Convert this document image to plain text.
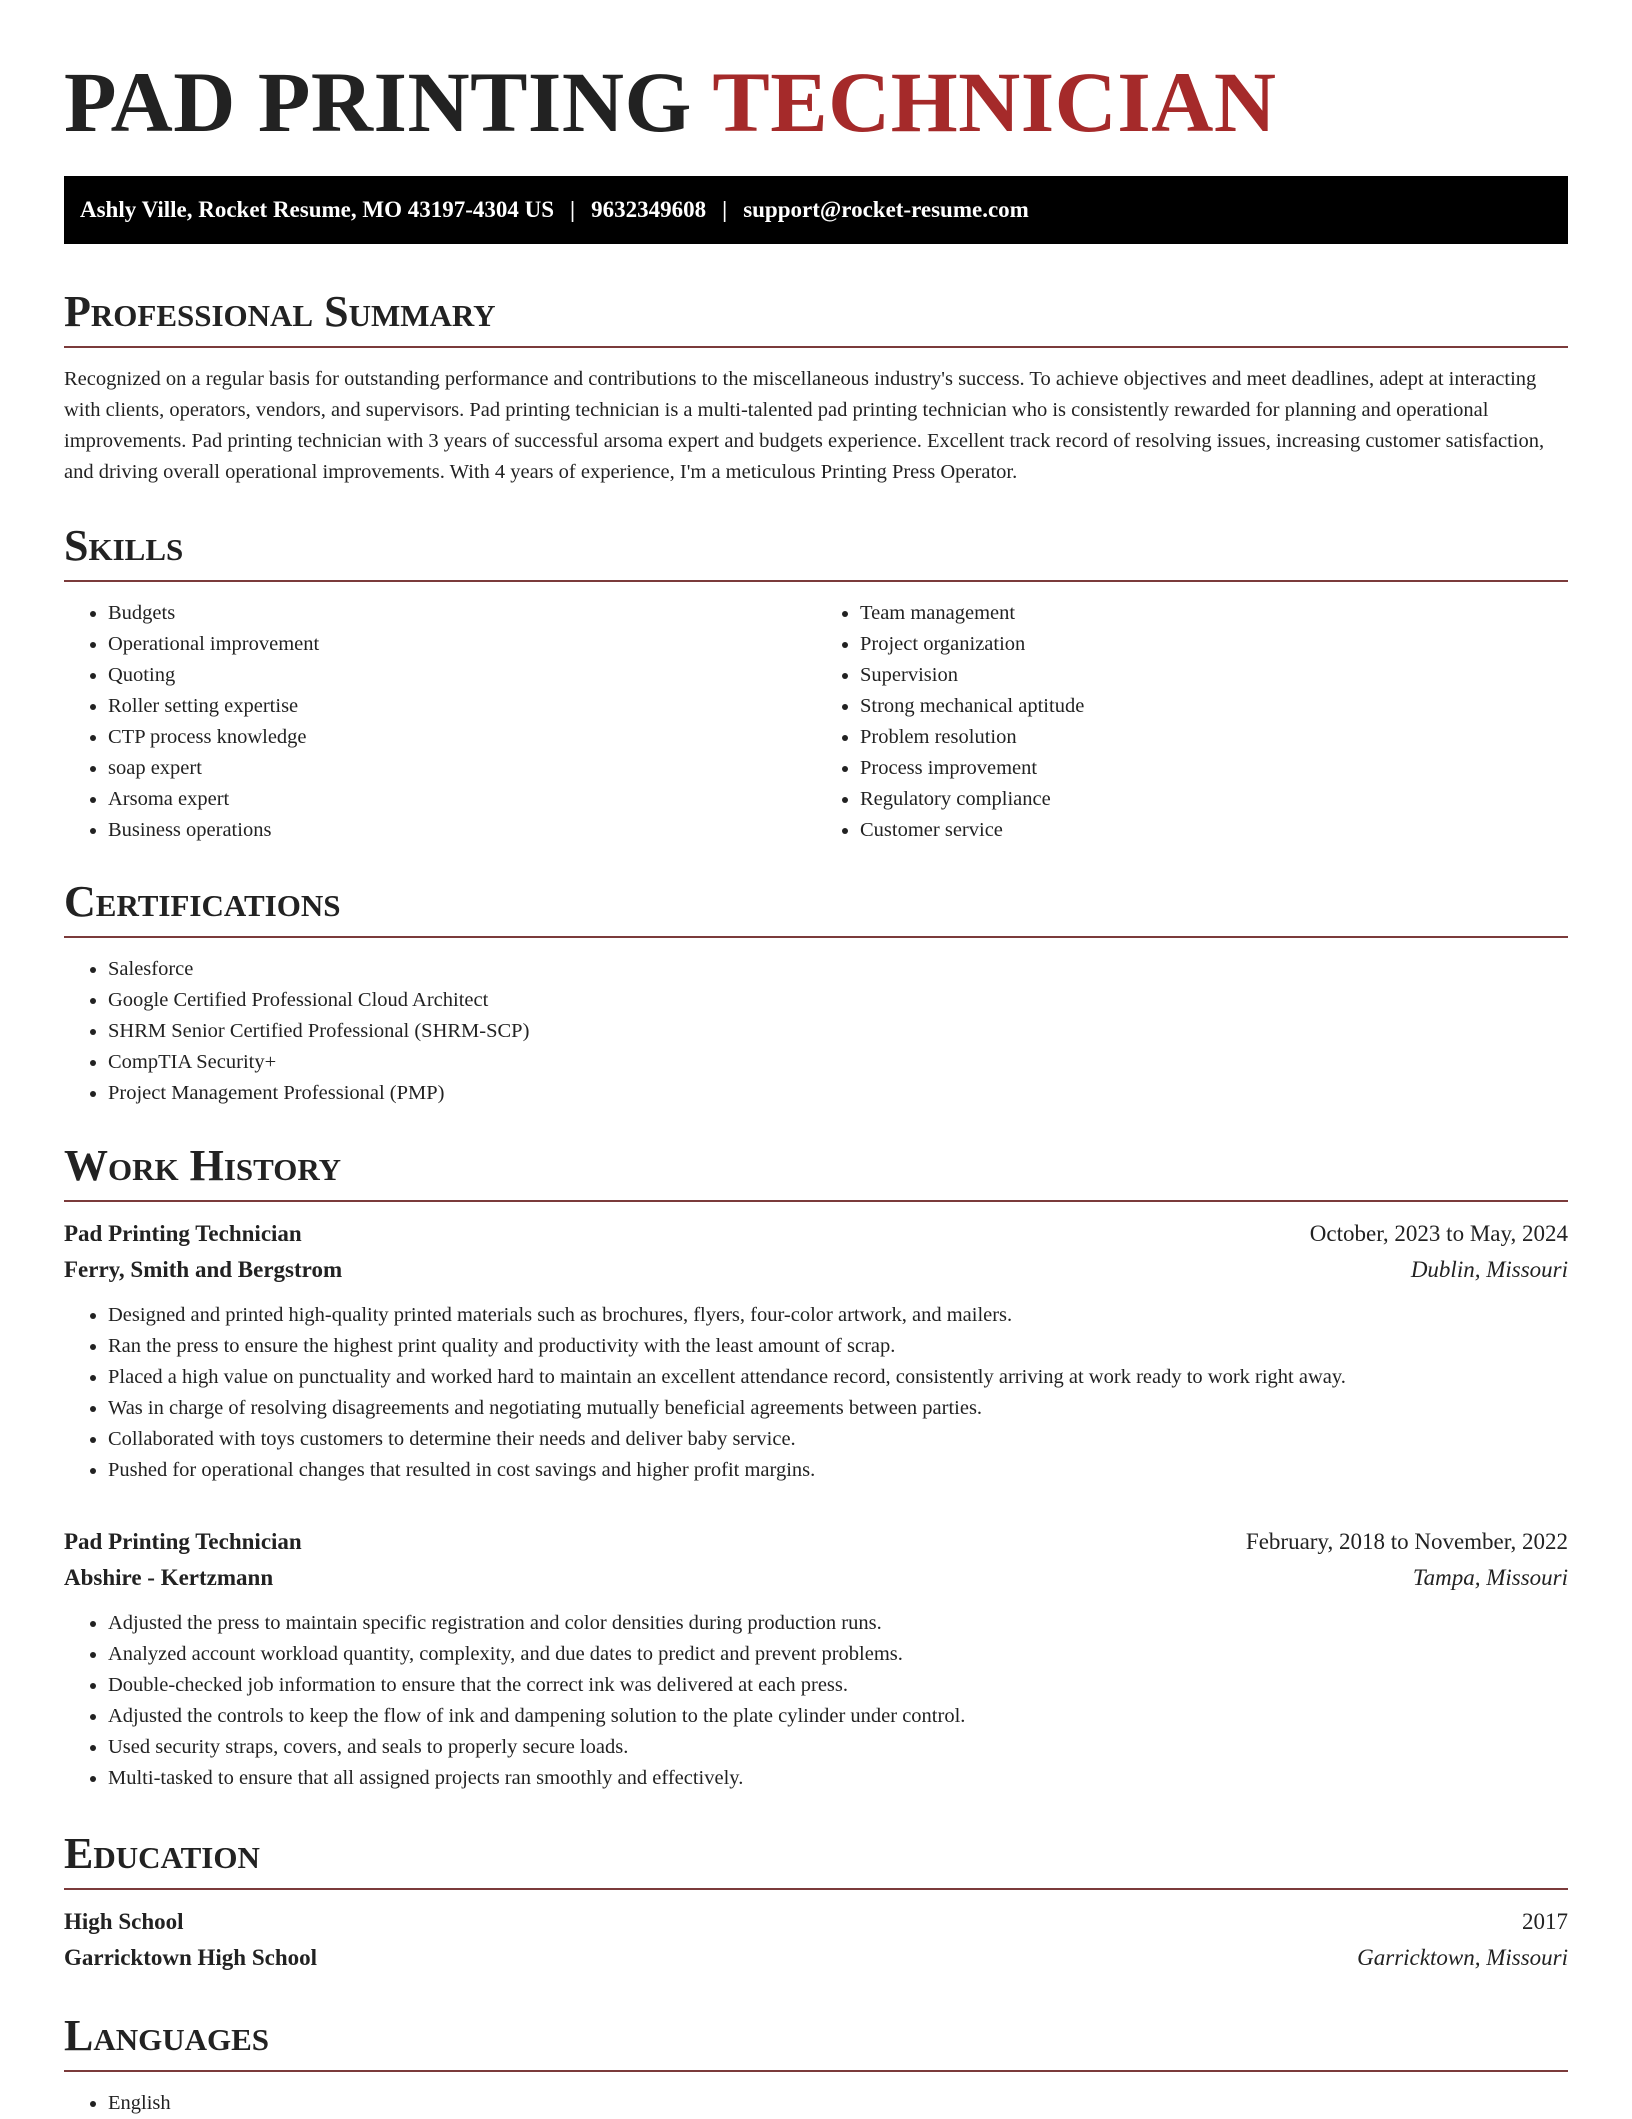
PAD PRINTING TECHNICIAN
Ashly Ville, Rocket Resume, MO 43197-4304 US | 9632349608 | support@rocket-resume.com
Professional Summary

Recognized on a regular basis for outstanding performance and contributions to the miscellaneous industry's success. To achieve objectives and meet deadlines, adept at interacting with clients, operators, vendors, and supervisors. Pad printing technician is a multi-talented pad printing technician who is consistently rewarded for planning and operational improvements. Pad printing technician with 3 years of successful arsoma expert and budgets experience. Excellent track record of resolving issues, increasing customer satisfaction, and driving overall operational improvements. With 4 years of experience, I'm a meticulous Printing Press Operator.

Skills
• Budgets
• Operational improvement
• Quoting
• Roller setting expertise
• CTP process knowledge
• soap expert
• Arsoma expert
• Business operations
• Team management
• Project organization
• Supervision
• Strong mechanical aptitude
• Problem resolution
• Process improvement
• Regulatory compliance
• Customer service
Certifications
• Salesforce
• Google Certified Professional Cloud Architect
• SHRM Senior Certified Professional (SHRM-SCP)
• CompTIA Security+
• Project Management Professional (PMP)
Work History
Pad Printing Technician	October, 2023 to May, 2024
Ferry, Smith and Bergstrom	Dublin, Missouri
• Designed and printed high-quality printed materials such as brochures, flyers, four-color artwork, and mailers.
• Ran the press to ensure the highest print quality and productivity with the least amount of scrap.
• Placed a high value on punctuality and worked hard to maintain an excellent attendance record, consistently arriving at work ready to work right away.
• Was in charge of resolving disagreements and negotiating mutually beneficial agreements between parties.
• Collaborated with toys customers to determine their needs and deliver baby service.
• Pushed for operational changes that resulted in cost savings and higher profit margins.
Pad Printing Technician	February, 2018 to November, 2022
Abshire - Kertzmann	Tampa, Missouri
• Adjusted the press to maintain specific registration and color densities during production runs.
• Analyzed account workload quantity, complexity, and due dates to predict and prevent problems.
• Double-checked job information to ensure that the correct ink was delivered at each press.
• Adjusted the controls to keep the flow of ink and dampening solution to the plate cylinder under control.
• Used security straps, covers, and seals to properly secure loads.
• Multi-tasked to ensure that all assigned projects ran smoothly and effectively.
Education
High School	2017
Garricktown High School	Garricktown, Missouri
Languages
• English
